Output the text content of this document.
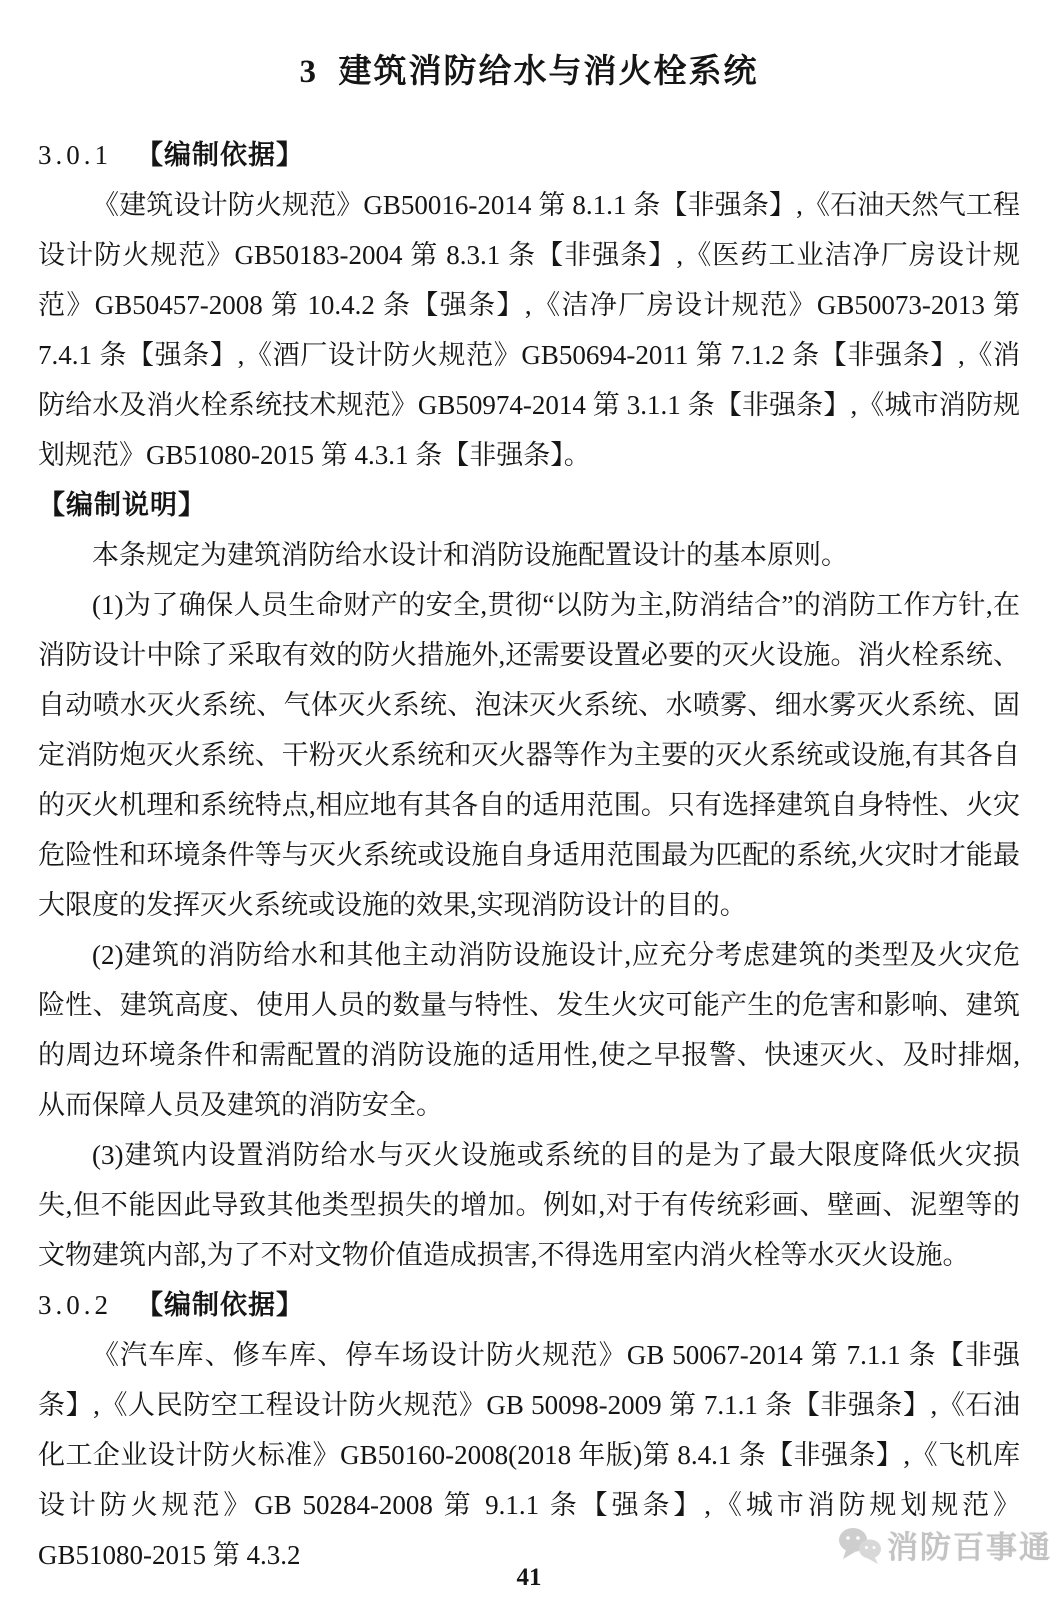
3  建筑消防给水与消火栓系统

3.0.1 【编制依据】

《建筑设计防火规范》GB50016-2014 第 8.1.1 条【非强条】,《石油天然气工程设计防火规范》GB50183-2004 第 8.3.1 条【非强条】,《医药工业洁净厂房设计规范》GB50457-2008 第 10.4.2 条【强条】,《洁净厂房设计规范》GB50073-2013 第 7.4.1 条【强条】,《酒厂设计防火规范》GB50694-2011 第 7.1.2 条【非强条】,《消防给水及消火栓系统技术规范》GB50974-2014 第 3.1.1 条【非强条】,《城市消防规划规范》GB51080-2015 第 4.3.1 条【非强条】。

【编制说明】

本条规定为建筑消防给水设计和消防设施配置设计的基本原则。

(1)为了确保人员生命财产的安全,贯彻“以防为主,防消结合”的消防工作方针,在消防设计中除了采取有效的防火措施外,还需要设置必要的灭火设施。消火栓系统、自动喷水灭火系统、气体灭火系统、泡沫灭火系统、水喷雾、细水雾灭火系统、固定消防炮灭火系统、干粉灭火系统和灭火器等作为主要的灭火系统或设施,有其各自的灭火机理和系统特点,相应地有其各自的适用范围。只有选择建筑自身特性、火灾危险性和环境条件等与灭火系统或设施自身适用范围最为匹配的系统,火灾时才能最大限度的发挥灭火系统或设施的效果,实现消防设计的目的。

(2)建筑的消防给水和其他主动消防设施设计,应充分考虑建筑的类型及火灾危险性、建筑高度、使用人员的数量与特性、发生火灾可能产生的危害和影响、建筑的周边环境条件和需配置的消防设施的适用性,使之早报警、快速灭火、及时排烟,从而保障人员及建筑的消防安全。

(3)建筑内设置消防给水与灭火设施或系统的目的是为了最大限度降低火灾损失,但不能因此导致其他类型损失的增加。例如,对于有传统彩画、壁画、泥塑等的文物建筑内部,为了不对文物价值造成损害,不得选用室内消火栓等水灭火设施。

3.0.2 【编制依据】

《汽车库、修车库、停车场设计防火规范》GB 50067-2014 第 7.1.1 条【非强条】,《人民防空工程设计防火规范》GB 50098-2009 第 7.1.1 条【非强条】,《石油化工企业设计防火标准》GB50160-2008(2018 年版)第 8.4.1 条【非强条】,《飞机库设计防火规范》GB 50284-2008 第 9.1.1 条【强条】,《城市消防规划规范》GB51080-2015 第 4.3.2	消防百事通
41
